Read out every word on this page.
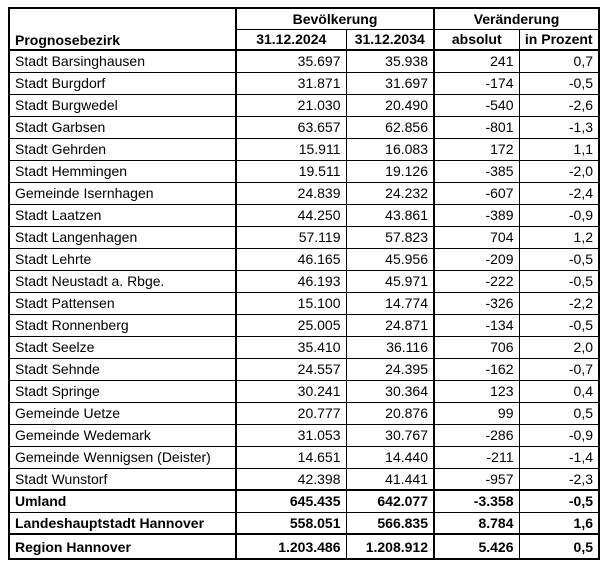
Prognosebezirk	Bevölkerung		Veränderung	
	31.12.2024	31.12.2034	absolut	in Prozent
Stadt Barsinghausen	35.697	35.938	241	0,7
Stadt Burgdorf	31.871	31.697	-174	-0,5
Stadt Burgwedel	21.030	20.490	-540	-2,6
Stadt Garbsen	63.657	62.856	-801	-1,3
Stadt Gehrden	15.911	16.083	172	1,1
Stadt Hemmingen	19.511	19.126	-385	-2,0
Gemeinde Isernhagen	24.839	24.232	-607	-2,4
Stadt Laatzen	44.250	43.861	-389	-0,9
Stadt Langenhagen	57.119	57.823	704	1,2
Stadt Lehrte	46.165	45.956	-209	-0,5
Stadt Neustadt a. Rbge.	46.193	45.971	-222	-0,5
Stadt Pattensen	15.100	14.774	-326	-2,2
Stadt Ronnenberg	25.005	24.871	-134	-0,5
Stadt Seelze	35.410	36.116	706	2,0
Stadt Sehnde	24.557	24.395	-162	-0,7
Stadt Springe	30.241	30.364	123	0,4
Gemeinde Uetze	20.777	20.876	99	0,5
Gemeinde Wedemark	31.053	30.767	-286	-0,9
Gemeinde Wennigsen (Deister)	14.651	14.440	-211	-1,4
Stadt Wunstorf	42.398	41.441	-957	-2,3
Umland	645.435	642.077	-3.358	-0,5
Landeshauptstadt Hannover	558.051	566.835	8.784	1,6
Region Hannover	1.203.486	1.208.912	5.426	0,5
